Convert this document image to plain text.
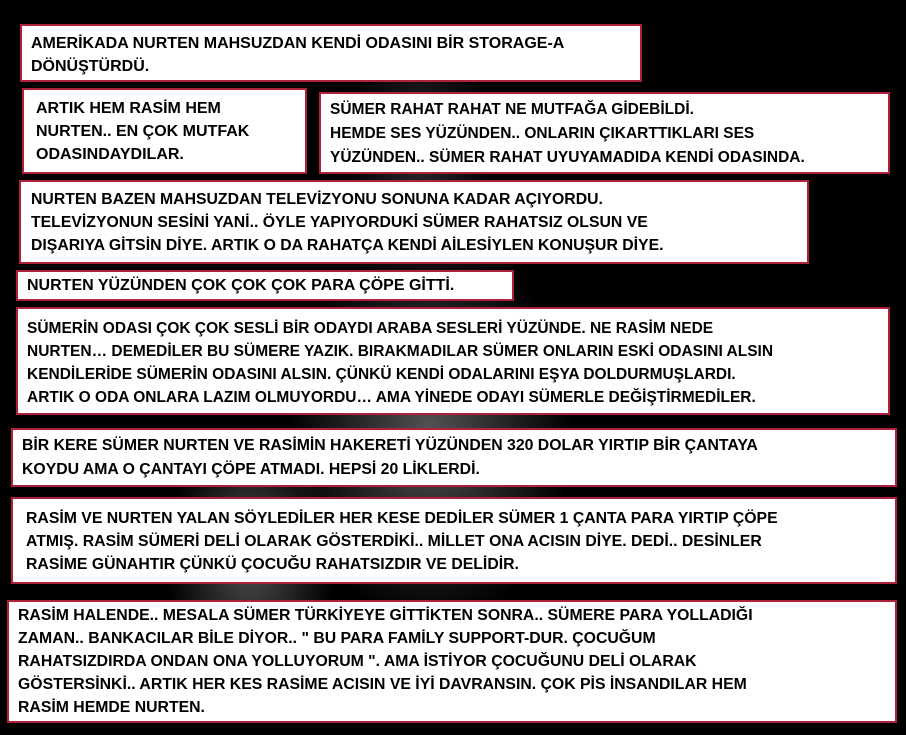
AMERİKADA NURTEN MAHSUZDAN KENDİ ODASINI BİR STORAGE-A
DÖNÜŞTÜRDÜ.
ARTIK HEM RASİM HEM
NURTEN.. EN ÇOK MUTFAK
ODASINDAYDILAR.
SÜMER RAHAT RAHAT NE MUTFAĞA GİDEBİLDİ.
HEMDE SES YÜZÜNDEN.. ONLARIN ÇIKARTTIKLARI SES
YÜZÜNDEN.. SÜMER RAHAT UYUYAMADIDA KENDİ ODASINDA.
NURTEN BAZEN MAHSUZDAN TELEVİZYONU SONUNA KADAR AÇIYORDU.
TELEVİZYONUN SESİNİ YANİ.. ÖYLE YAPIYORDUKİ SÜMER RAHATSIZ OLSUN VE
DIŞARIYA GİTSİN DİYE. ARTIK O DA RAHATÇA KENDİ AİLESİYLEN KONUŞUR DİYE.
NURTEN YÜZÜNDEN ÇOK ÇOK ÇOK PARA ÇÖPE GİTTİ.
SÜMERİN ODASI ÇOK ÇOK SESLİ BİR ODAYDI ARABA SESLERİ YÜZÜNDE. NE RASİM NEDE
NURTEN… DEMEDİLER BU SÜMERE YAZIK. BIRAKMADILAR SÜMER ONLARIN ESKİ ODASINI ALSIN
KENDİLERİDE SÜMERİN ODASINI ALSIN. ÇÜNKÜ KENDİ ODALARINI EŞYA DOLDURMUŞLARDI.
ARTIK O ODA ONLARA LAZIM OLMUYORDU… AMA YİNEDE ODAYI SÜMERLE DEĞİŞTİRMEDİLER.
BİR KERE SÜMER NURTEN VE RASİMİN HAKERETİ YÜZÜNDEN 320 DOLAR YIRTIP BİR ÇANTAYA
KOYDU AMA O ÇANTAYI ÇÖPE ATMADI. HEPSİ 20 LİKLERDİ.
RASİM VE NURTEN YALAN SÖYLEDİLER HER KESE DEDİLER SÜMER 1 ÇANTA PARA YIRTIP ÇÖPE
ATMIŞ. RASİM SÜMERİ DELİ OLARAK GÖSTERDİKİ.. MİLLET ONA ACISIN DİYE. DEDİ.. DESİNLER
RASİME GÜNAHTIR ÇÜNKÜ ÇOCUĞU RAHATSIZDIR VE DELİDİR.
RASİM HALENDE.. MESALA SÜMER TÜRKİYEYE GİTTİKTEN SONRA.. SÜMERE PARA YOLLADIĞI
ZAMAN.. BANKACILAR BİLE DİYOR.. " BU PARA FAMİLY SUPPORT-DUR. ÇOCUĞUM
RAHATSIZDIRDA ONDAN ONA YOLLUYORUM ". AMA İSTİYOR ÇOCUĞUNU DELİ OLARAK
GÖSTERSİNKİ.. ARTIK HER KES RASİME ACISIN VE İYİ DAVRANSIN. ÇOK PİS İNSANDILAR HEM
RASİM HEMDE NURTEN.
